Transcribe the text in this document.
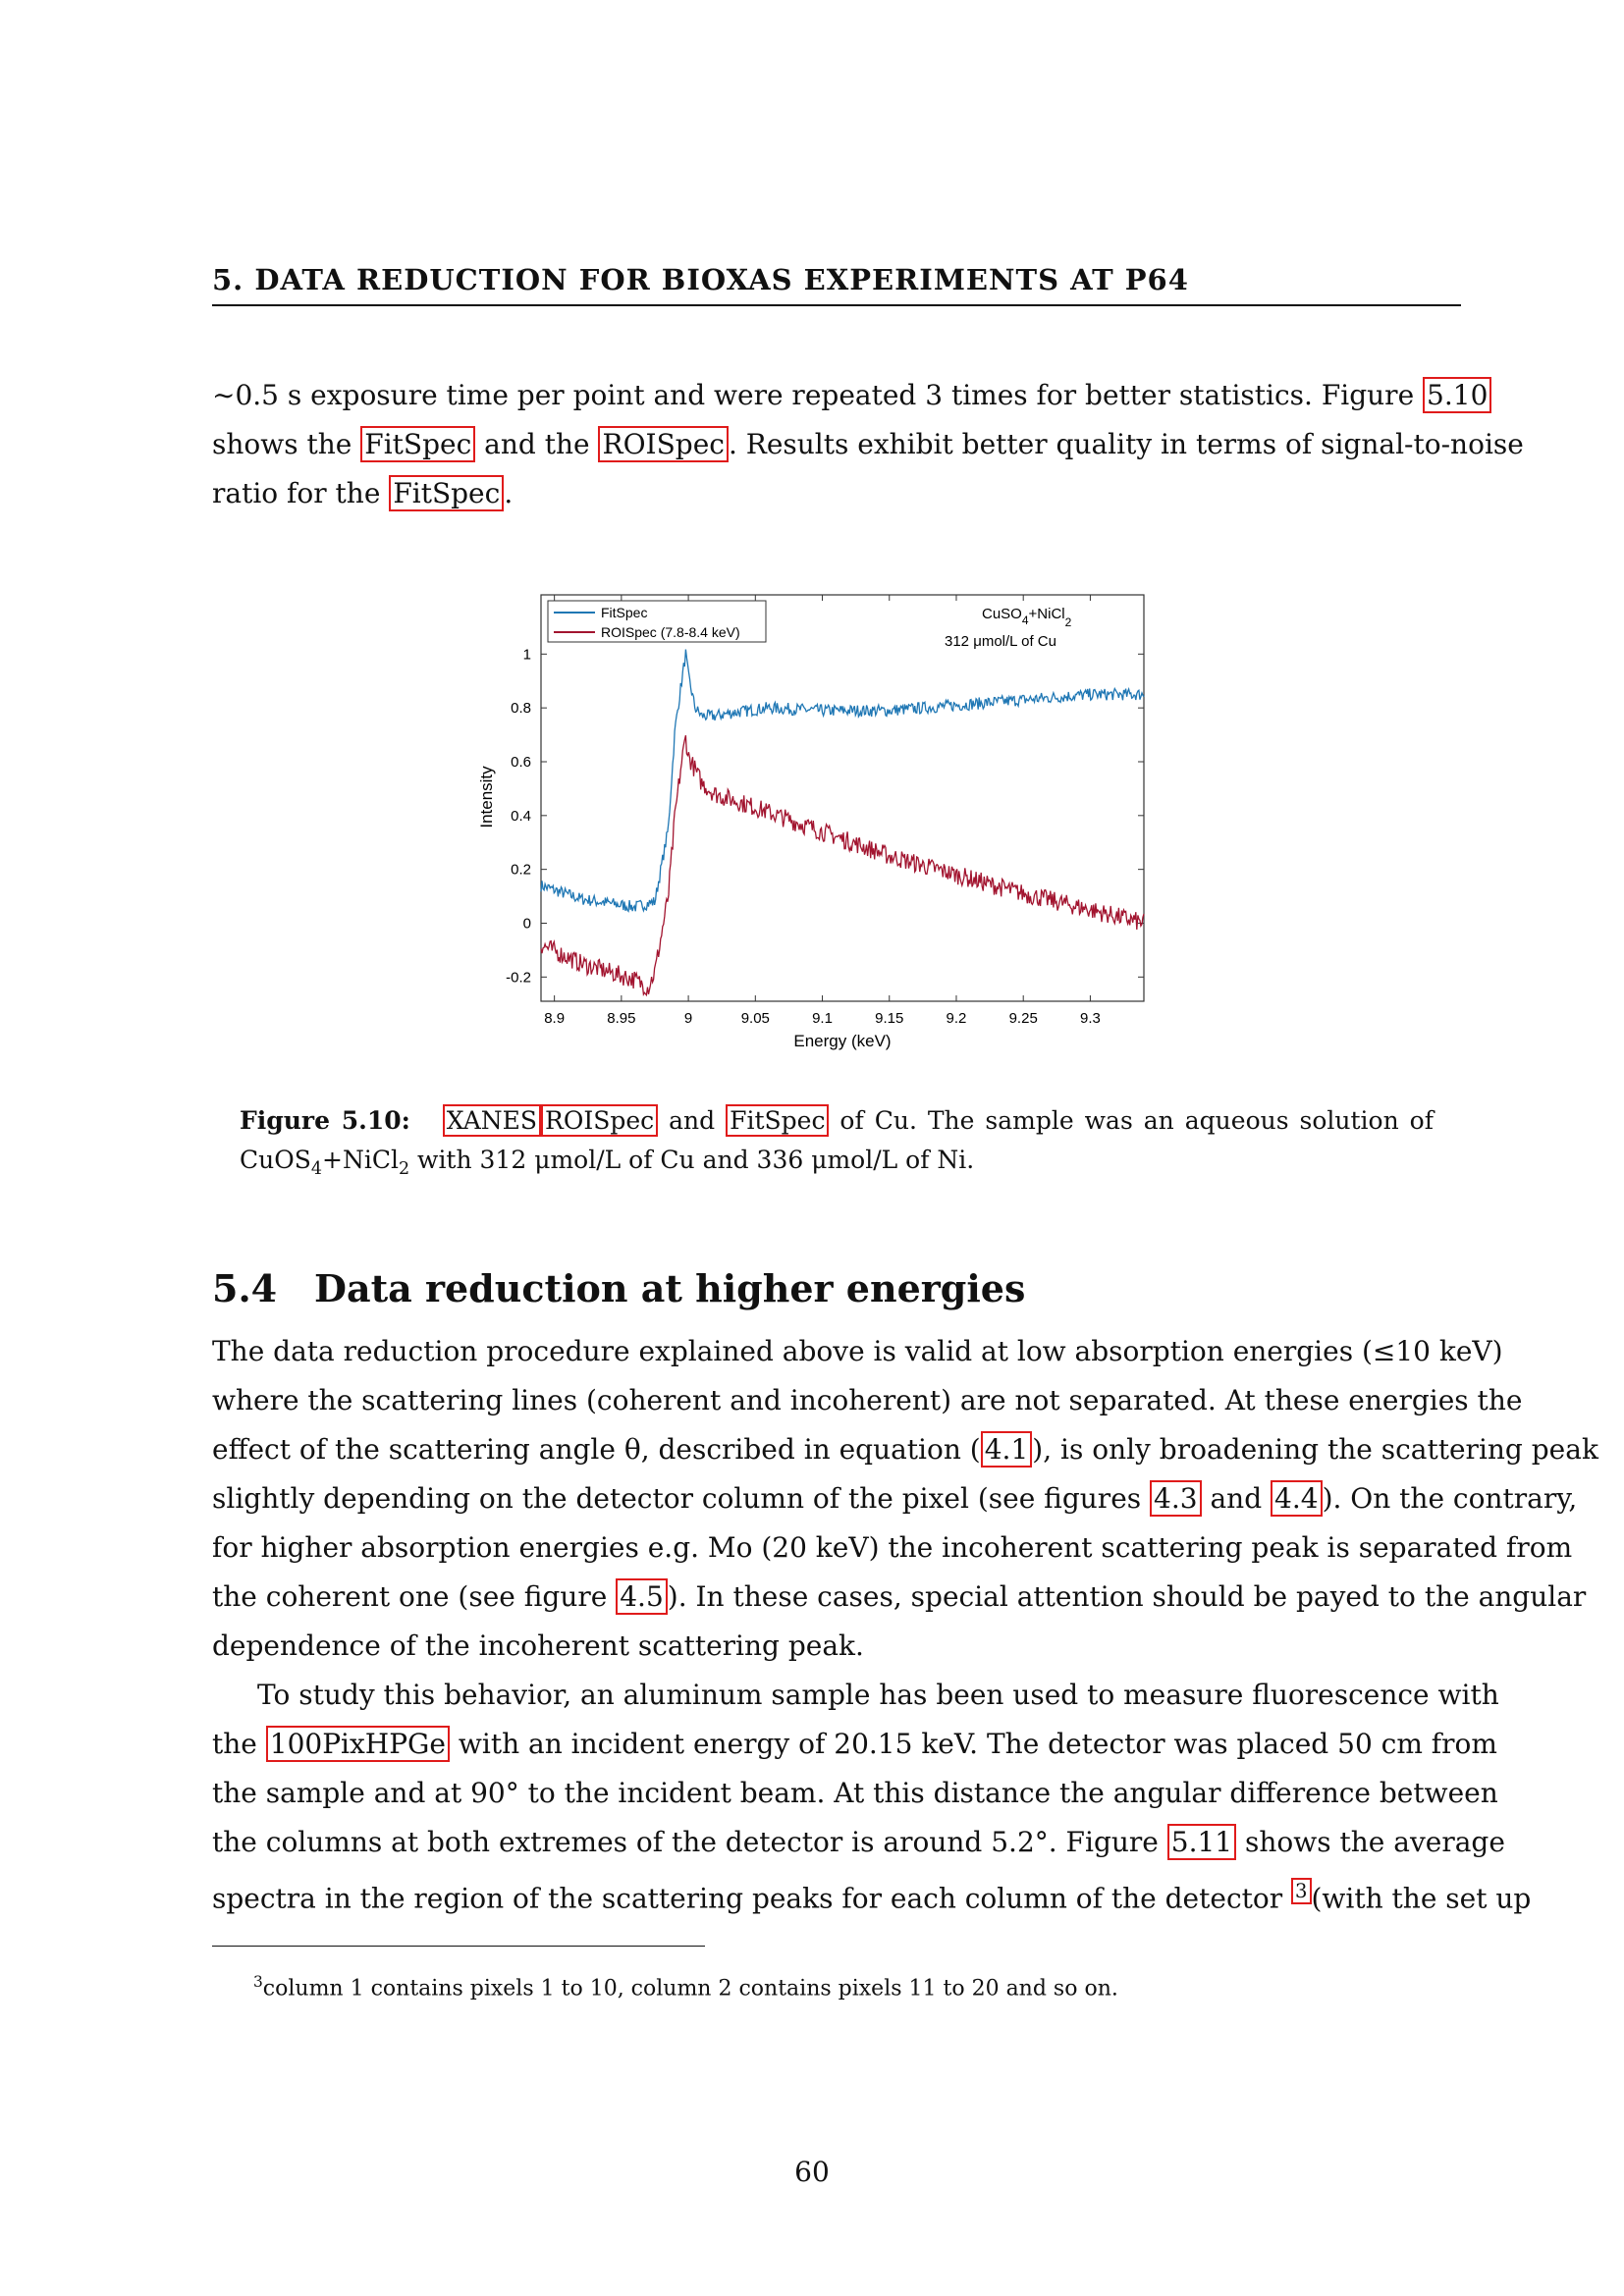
5. DATA REDUCTION FOR BIOXAS EXPERIMENTS AT P64
∼0.5 s exposure time per point and were repeated 3 times for better statistics. Figure 5.10
shows the FitSpec and the ROISpec . Results exhibit better quality in terms of signal-to-noise
ratio for the FitSpec .
8.9	8.95	9	9.05	9.1	9.15	9.2	9.25	9.3
-0.2
0
0.2
0.4
0.6
0.8
1
FitSpec
ROISpec (7.8-8.4 keV)
CuSO$_4$+NiCl$_2$
312 μmol/L of Cu
Energy (keV)
Intensity
Figure 5.10: XANES ROISpec and FitSpec of Cu. The sample was an aqueous solution of
CuOS$_4$+NiCl$_2$ with 312 μmol/L of Cu and 336 μmol/L of Ni.
5.4 Data reduction at higher energies
The data reduction procedure explained above is valid at low absorption energies (≤10 keV)
where the scattering lines (coherent and incoherent) are not separated. At these energies the
effect of the scattering angle θ, described in equation ( 4.1 ), is only broadening the scattering peak
slightly depending on the detector column of the pixel (see figures 4.3 and 4.4 ). On the contrary,
for higher absorption energies e.g. Mo (20 keV) the incoherent scattering peak is separated from
the coherent one (see figure 4.5 ). In these cases, special attention should be payed to the angular
dependence of the incoherent scattering peak.
To study this behavior, an aluminum sample has been used to measure fluorescence with
the 100PixHPGe with an incident energy of 20.15 keV. The detector was placed 50 cm from
the sample and at 90° to the incident beam. At this distance the angular difference between
the columns at both extremes of the detector is around 5.2°. Figure 5.11 shows the average
spectra in the region of the scattering peaks for each column of the detector $^3$ (with the set up
$^3$column 1 contains pixels 1 to 10, column 2 contains pixels 11 to 20 and so on.
60
